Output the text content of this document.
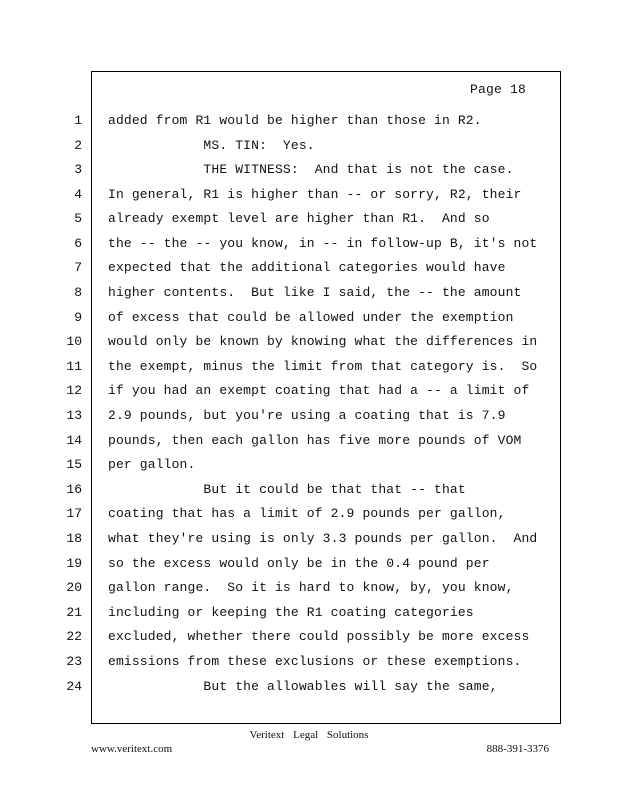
Page 18
1
2
3
4
5
6
7
8
9
10
11
12
13
14
15
16
17
18
19
20
21
22
23
24
added from R1 would be higher than those in R2.
MS. TIN:  Yes.
THE WITNESS:  And that is not the case.
In general, R1 is higher than -- or sorry, R2, their
already exempt level are higher than R1.  And so
the -- the -- you know, in -- in follow-up B, it's not
expected that the additional categories would have
higher contents.  But like I said, the -- the amount
of excess that could be allowed under the exemption
would only be known by knowing what the differences in
the exempt, minus the limit from that category is.  So
if you had an exempt coating that had a -- a limit of
2.9 pounds, but you're using a coating that is 7.9
pounds, then each gallon has five more pounds of VOM
per gallon.
But it could be that that -- that
coating that has a limit of 2.9 pounds per gallon,
what they're using is only 3.3 pounds per gallon.  And
so the excess would only be in the 0.4 pound per
gallon range.  So it is hard to know, by, you know,
including or keeping the R1 coating categories
excluded, whether there could possibly be more excess
emissions from these exclusions or these exemptions.
But the allowables will say the same,
Veritext Legal Solutions
www.veritext.com	888-391-3376
